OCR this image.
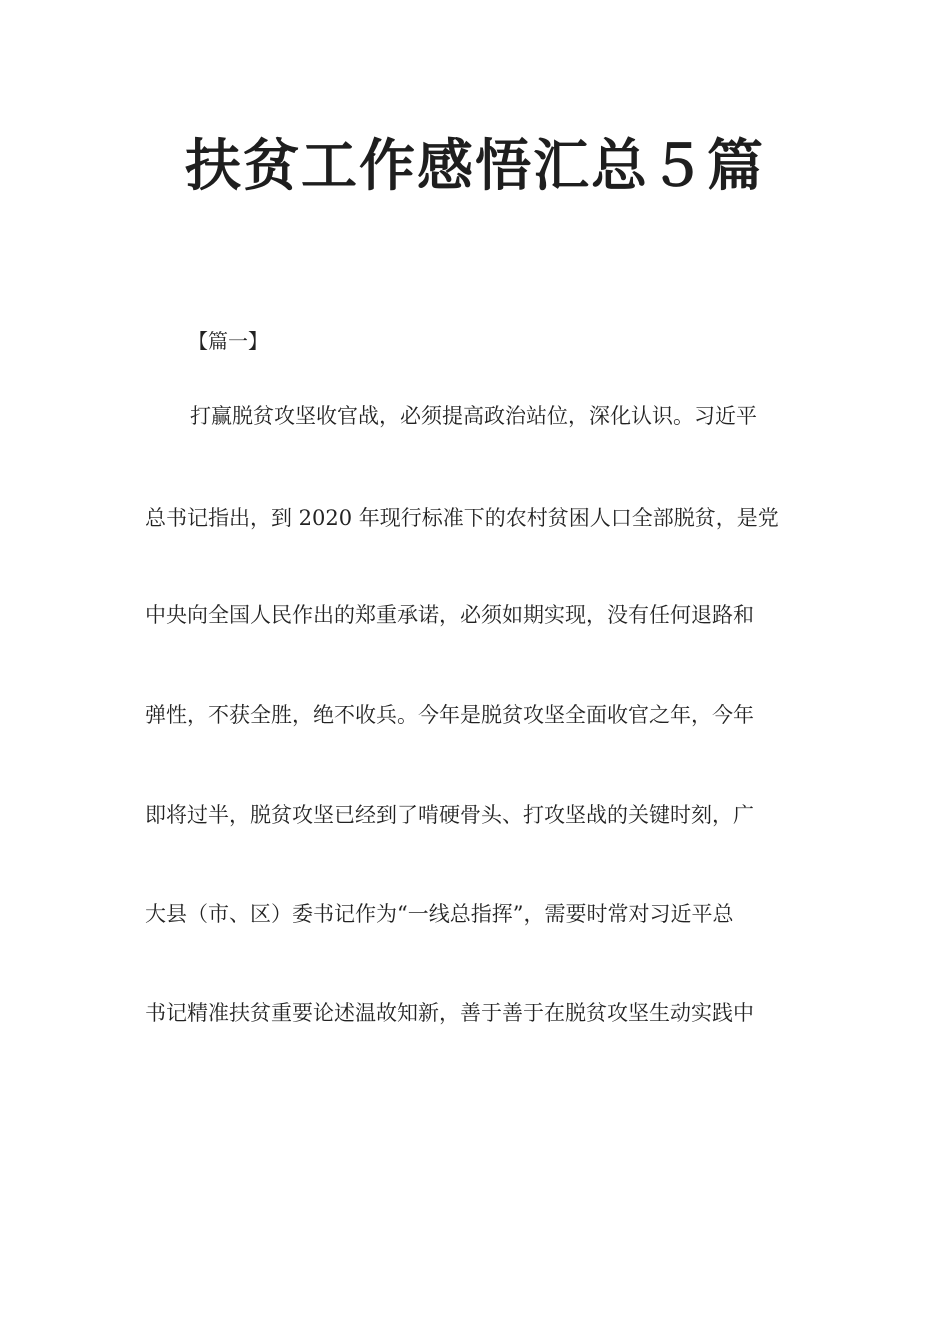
扶贫工作感悟汇总５篇

【篇一】

打赢脱贫攻坚收官战，必须提高政治站位，深化认识。习近平

总书记指出，到 2020 年现行标准下的农村贫困人口全部脱贫，是党

中央向全国人民作出的郑重承诺，必须如期实现，没有任何退路和

弹性，不获全胜，绝不收兵。今年是脱贫攻坚全面收官之年，今年

即将过半，脱贫攻坚已经到了啃硬骨头、打攻坚战的关键时刻，广

大县（市、区）委书记作为“一线总指挥”，需要时常对习近平总

书记精准扶贫重要论述温故知新，善于善于在脱贫攻坚生动实践中
